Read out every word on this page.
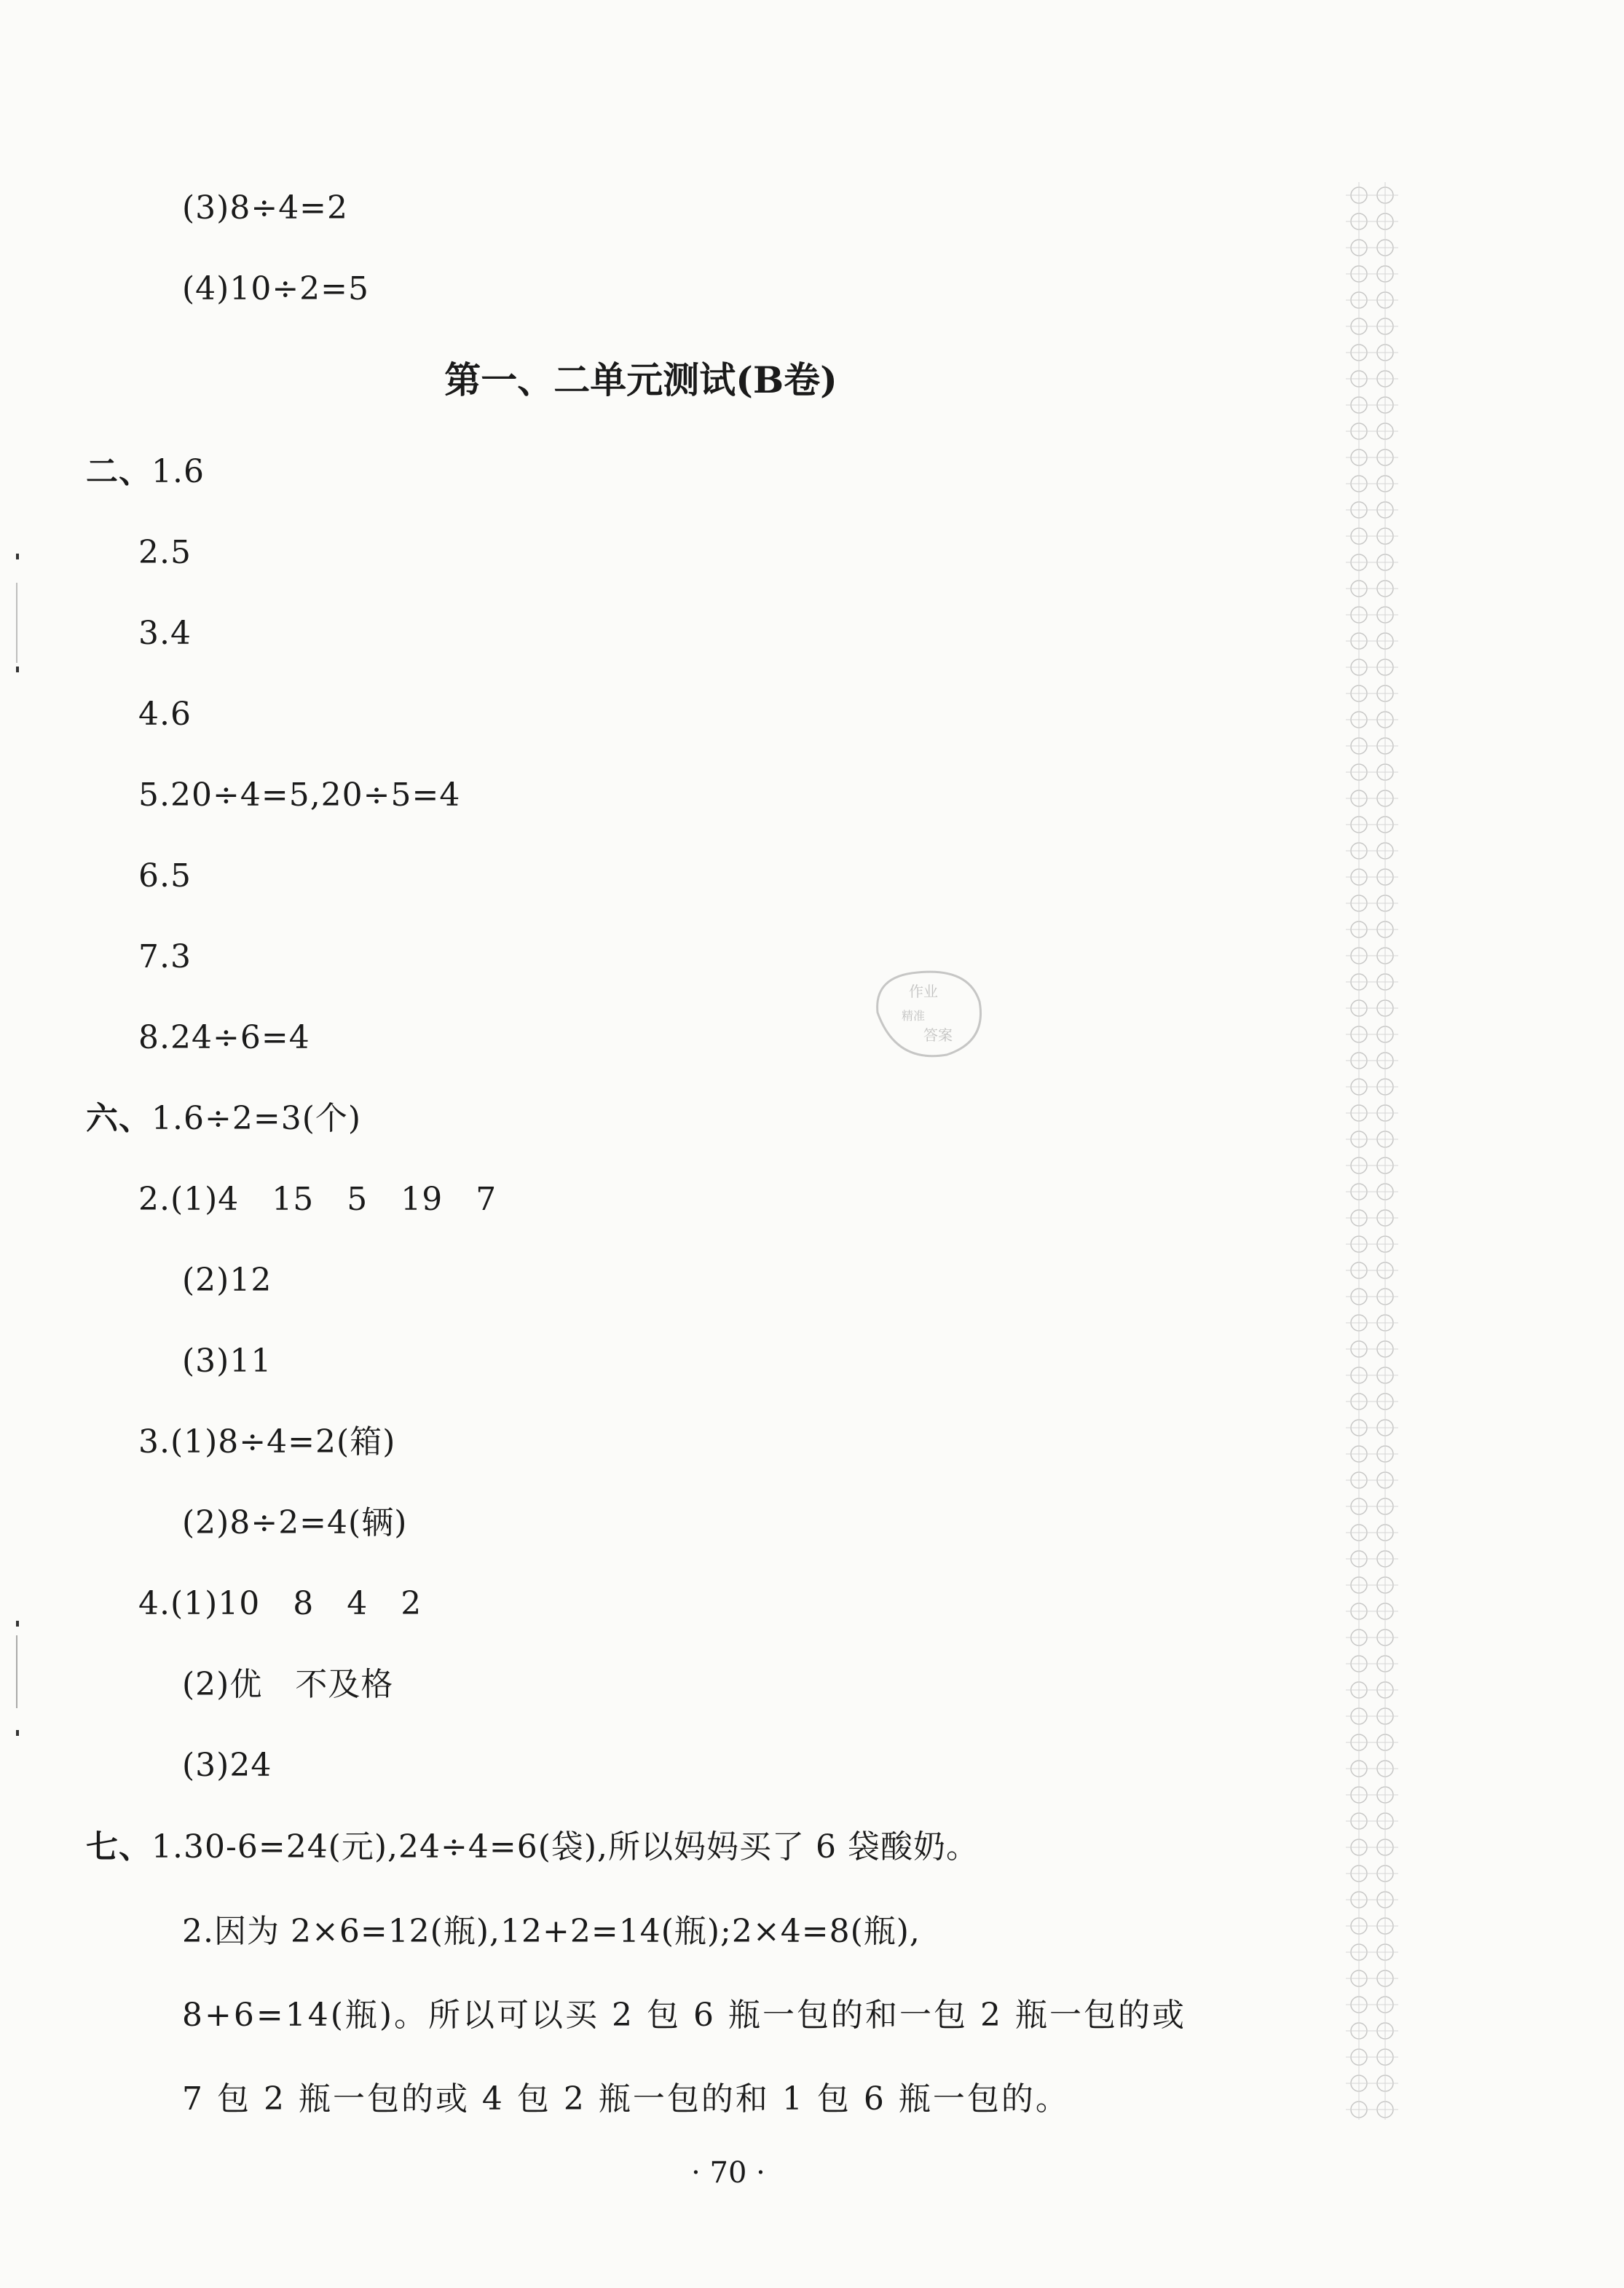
作业
精准
答案
(3)8÷4=2
(4)10÷2=5
第一、二单元测试(B卷)
二、1.6
2.5
3.4
4.6
5.20÷4=5,20÷5=4
6.5
7.3
8.24÷6=4
六、1.6÷2=3(个)
2.(1)4　15　5　19　7
(2)12
(3)11
3.(1)8÷4=2(箱)
(2)8÷2=4(辆)
4.(1)10　8　4　2
(2)优　不及格
(3)24
七、1.30-6=24(元),24÷4=6(袋),所以妈妈买了 6 袋酸奶。
2.因为 2×6=12(瓶),12+2=14(瓶);2×4=8(瓶),
8+6=14(瓶)。所以可以买 2 包 6 瓶一包的和一包 2 瓶一包的或
7 包 2 瓶一包的或 4 包 2 瓶一包的和 1 包 6 瓶一包的。
· 70 ·
